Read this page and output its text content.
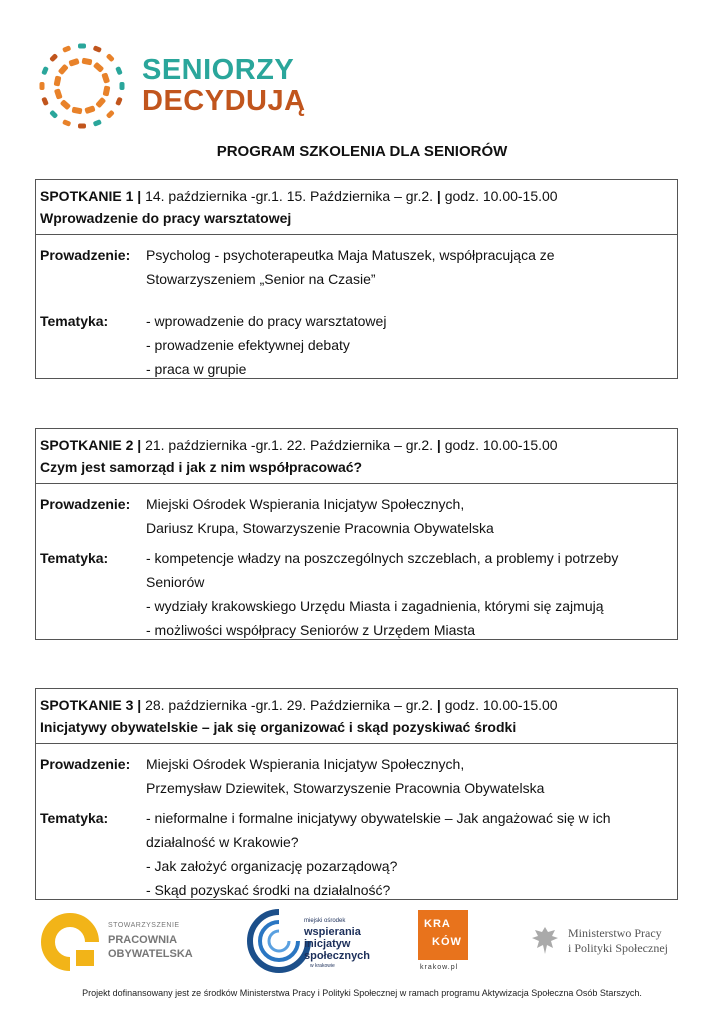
SENIORZY
DECYDUJĄ
PROGRAM SZKOLENIA DLA SENIORÓW
SPOTKANIE 1 | 14. października -gr.1. 15. Października – gr.2. | godz. 10.00-15.00
Wprowadzenie do pracy warsztatowej
Prowadzenie:	Psycholog - psychoterapeutka Maja Matuszek, współpracująca ze
Stowarzyszeniem „Senior na Czasie”
Tematyka:	- wprowadzenie do pracy warsztatowej
- prowadzenie efektywnej debaty
- praca w grupie
SPOTKANIE 2 | 21. października -gr.1. 22. Października – gr.2. | godz. 10.00-15.00
Czym jest samorząd i jak z nim współpracować?
Prowadzenie:	Miejski Ośrodek Wspierania Inicjatyw Społecznych,
Dariusz Krupa, Stowarzyszenie Pracownia Obywatelska
Tematyka:	- kompetencje władzy na poszczególnych szczeblach, a problemy i potrzeby
Seniorów
- wydziały krakowskiego Urzędu Miasta i zagadnienia, którymi się zajmują
- możliwości współpracy Seniorów z Urzędem Miasta
SPOTKANIE 3 | 28. października -gr.1. 29. Października – gr.2. | godz. 10.00-15.00
Inicjatywy obywatelskie – jak się organizować i skąd pozyskiwać środki
Prowadzenie:	Miejski Ośrodek Wspierania Inicjatyw Społecznych,
Przemysław Dziewitek, Stowarzyszenie Pracownia Obywatelska
Tematyka:	- nieformalne i formalne inicjatywy obywatelskie – Jak angażować się w ich
działalność w Krakowie?
- Jak założyć organizację pozarządową?
- Skąd pozyskać środki na działalność?
STOWARZYSZENIE
PRACOWNIA
OBYWATELSKA
miejski ośrodek
wspierania
inicjatyw
społecznych
w krakowie
KRA
KÓW
krakow.pl
Ministerstwo Pracy
i Polityki Społecznej
Projekt dofinansowany jest ze środków Ministerstwa Pracy i Polityki Społecznej w ramach programu Aktywizacja Społeczna Osób Starszych.
